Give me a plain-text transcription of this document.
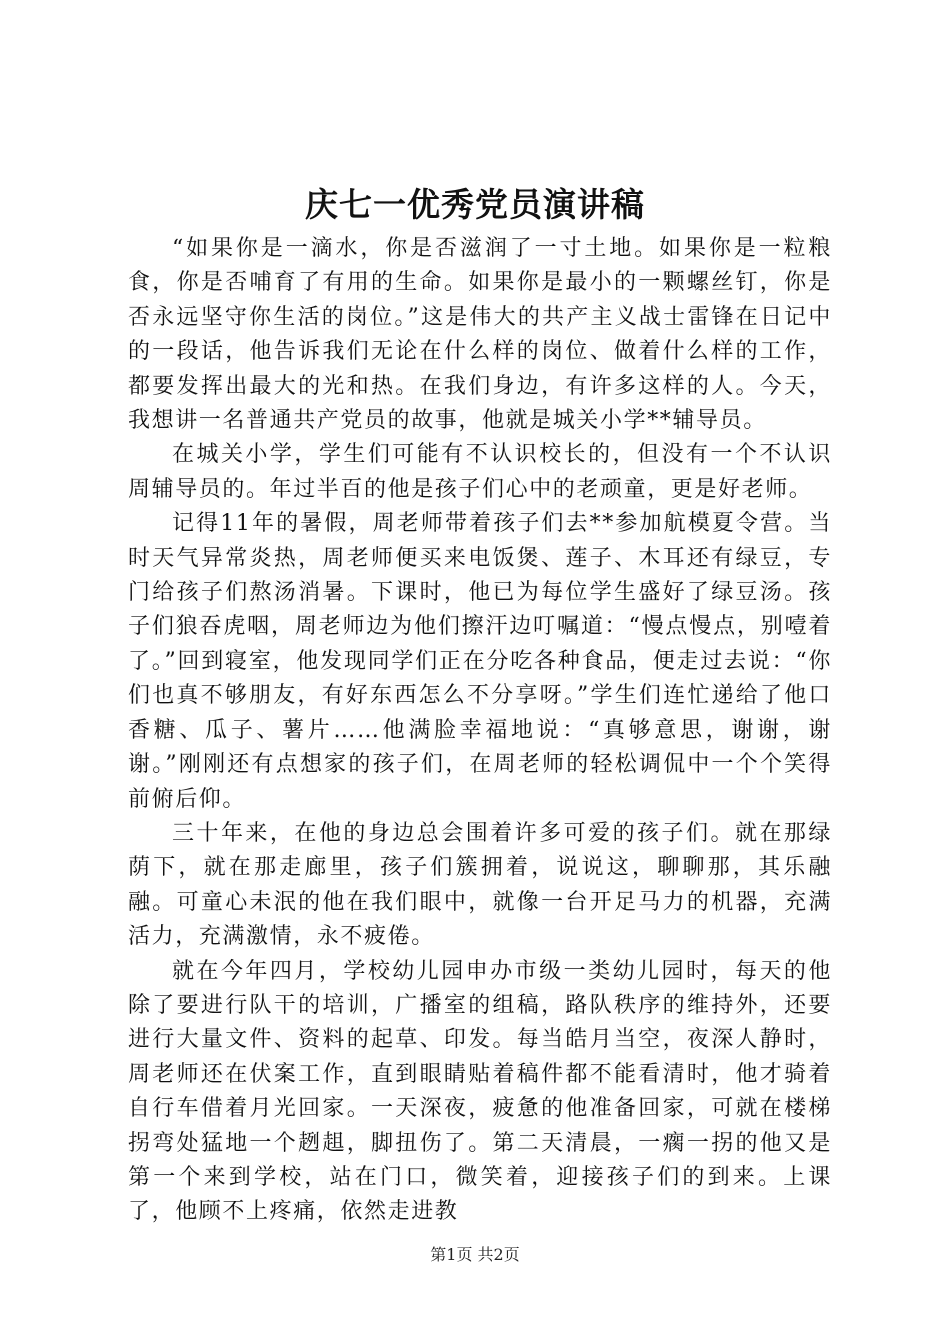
庆七一优秀党员演讲稿

“如果你是一滴水，你是否滋润了一寸土地。如果你是一粒粮食，你是否哺育了有用的生命。如果你是最小的一颗螺丝钉，你是否永远坚守你生活的岗位。”这是伟大的共产主义战士雷锋在日记中的一段话，他告诉我们无论在什么样的岗位、做着什么样的工作，都要发挥出最大的光和热。在我们身边，有许多这样的人。今天，我想讲一名普通共产党员的故事，他就是城关小学**辅导员。

在城关小学，学生们可能有不认识校长的，但没有一个不认识周辅导员的。年过半百的他是孩子们心中的老顽童，更是好老师。

记得11年的暑假，周老师带着孩子们去**参加航模夏令营。当时天气异常炎热，周老师便买来电饭煲、莲子、木耳还有绿豆，专门给孩子们熬汤消暑。下课时，他已为每位学生盛好了绿豆汤。孩子们狼吞虎咽，周老师边为他们擦汗边叮嘱道：“慢点慢点，别噎着了。”回到寝室，他发现同学们正在分吃各种食品，便走过去说：“你们也真不够朋友，有好东西怎么不分享呀。”学生们连忙递给了他口香糖、瓜子、薯片……他满脸幸福地说：“真够意思，谢谢，谢谢。”刚刚还有点想家的孩子们，在周老师的轻松调侃中一个个笑得前俯后仰。

三十年来，在他的身边总会围着许多可爱的孩子们。就在那绿荫下，就在那走廊里，孩子们簇拥着，说说这，聊聊那，其乐融融。可童心未泯的他在我们眼中，就像一台开足马力的机器，充满活力，充满激情，永不疲倦。

就在今年四月，学校幼儿园申办市级一类幼儿园时，每天的他除了要进行队干的培训，广播室的组稿，路队秩序的维持外，还要进行大量文件、资料的起草、印发。每当皓月当空，夜深人静时，周老师还在伏案工作，直到眼睛贴着稿件都不能看清时，他才骑着自行车借着月光回家。一天深夜，疲惫的他准备回家，可就在楼梯拐弯处猛地一个趔趄，脚扭伤了。第二天清晨，一瘸一拐的他又是第一个来到学校，站在门口，微笑着，迎接孩子们的到来。上课了，他顾不上疼痛，依然走进教

第1页 共2页
